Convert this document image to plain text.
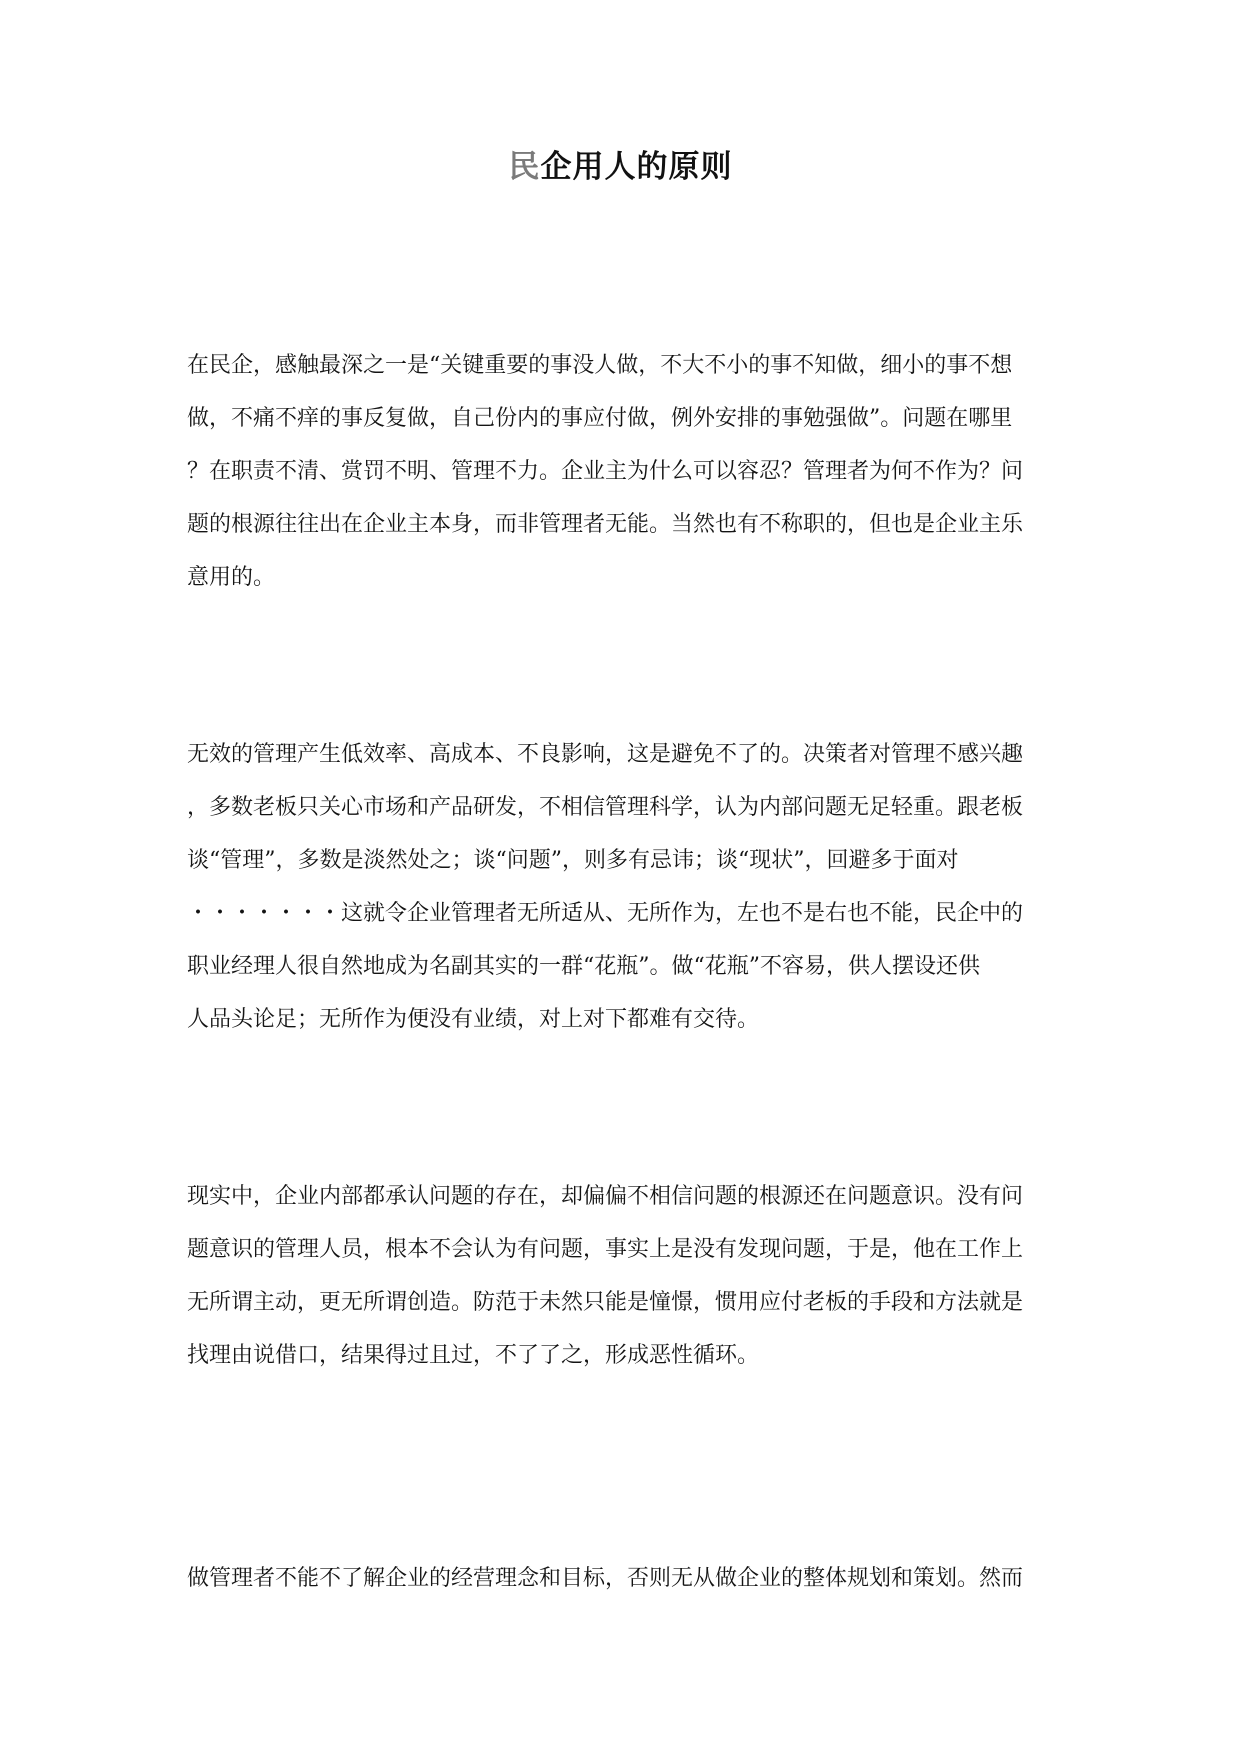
民企用人的原则
在民企，感触最深之一是“关键重要的事没人做，不大不小的事不知做，细小的事不想
做，不痛不痒的事反复做，自己份内的事应付做，例外安排的事勉强做”。问题在哪里
？在职责不清、赏罚不明、管理不力。企业主为什么可以容忍？管理者为何不作为？问
题的根源往往出在企业主本身，而非管理者无能。当然也有不称职的，但也是企业主乐
意用的。
无效的管理产生低效率、高成本、不良影响，这是避免不了的。决策者对管理不感兴趣
，多数老板只关心市场和产品研发，不相信管理科学，认为内部问题无足轻重。跟老板
谈“管理”，多数是淡然处之；谈“问题”，则多有忌讳；谈“现状”，回避多于面对
・・・・・・・这就令企业管理者无所适从、无所作为，左也不是右也不能，民企中的
职业经理人很自然地成为名副其实的一群“花瓶”。做“花瓶”不容易，供人摆设还供
人品头论足；无所作为便没有业绩，对上对下都难有交待。
现实中，企业内部都承认问题的存在，却偏偏不相信问题的根源还在问题意识。没有问
题意识的管理人员，根本不会认为有问题，事实上是没有发现问题，于是，他在工作上
无所谓主动，更无所谓创造。防范于未然只能是憧憬，惯用应付老板的手段和方法就是
找理由说借口，结果得过且过，不了了之，形成恶性循环。
做管理者不能不了解企业的经营理念和目标，否则无从做企业的整体规划和策划。然而
